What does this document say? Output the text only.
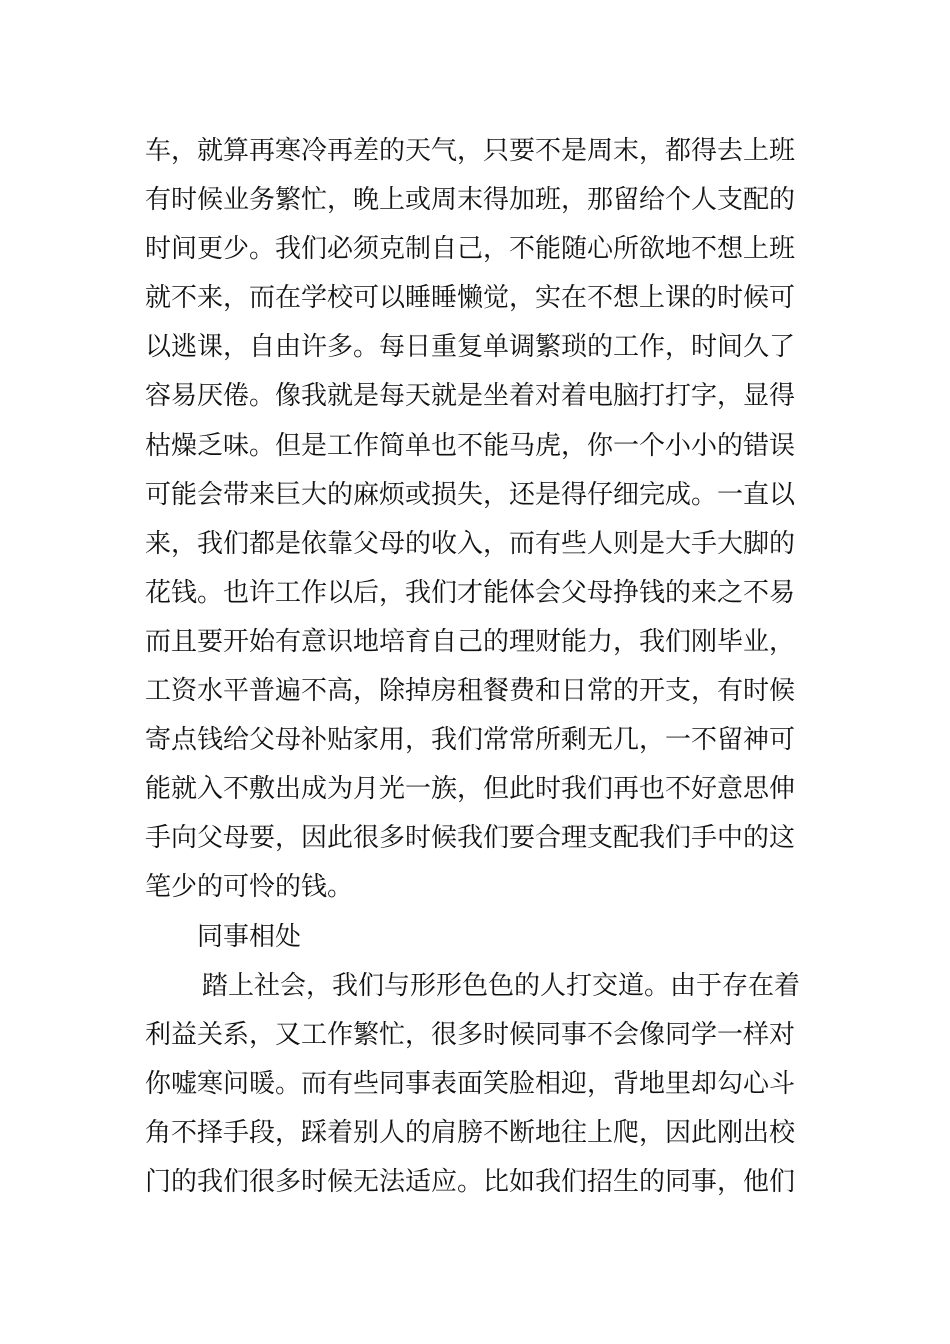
车，就算再寒冷再差的天气，只要不是周末，都得去上班
有时候业务繁忙，晚上或周末得加班，那留给个人支配的
时间更少。我们必须克制自己，不能随心所欲地不想上班
就不来，而在学校可以睡睡懒觉，实在不想上课的时候可
以逃课，自由许多。每日重复单调繁琐的工作，时间久了
容易厌倦。像我就是每天就是坐着对着电脑打打字，显得
枯燥乏味。但是工作简单也不能马虎，你一个小小的错误
可能会带来巨大的麻烦或损失，还是得仔细完成。一直以
来，我们都是依靠父母的收入，而有些人则是大手大脚的
花钱。也许工作以后，我们才能体会父母挣钱的来之不易
而且要开始有意识地培育自己的理财能力，我们刚毕业，
工资水平普遍不高，除掉房租餐费和日常的开支，有时候
寄点钱给父母补贴家用，我们常常所剩无几，一不留神可
能就入不敷出成为月光一族，但此时我们再也不好意思伸
手向父母要，因此很多时候我们要合理支配我们手中的这
笔少的可怜的钱。
同事相处
踏上社会，我们与形形色色的人打交道。由于存在着
利益关系，又工作繁忙，很多时候同事不会像同学一样对
你嘘寒问暖。而有些同事表面笑脸相迎，背地里却勾心斗
角不择手段，踩着别人的肩膀不断地往上爬，因此刚出校
门的我们很多时候无法适应。比如我们招生的同事，他们
